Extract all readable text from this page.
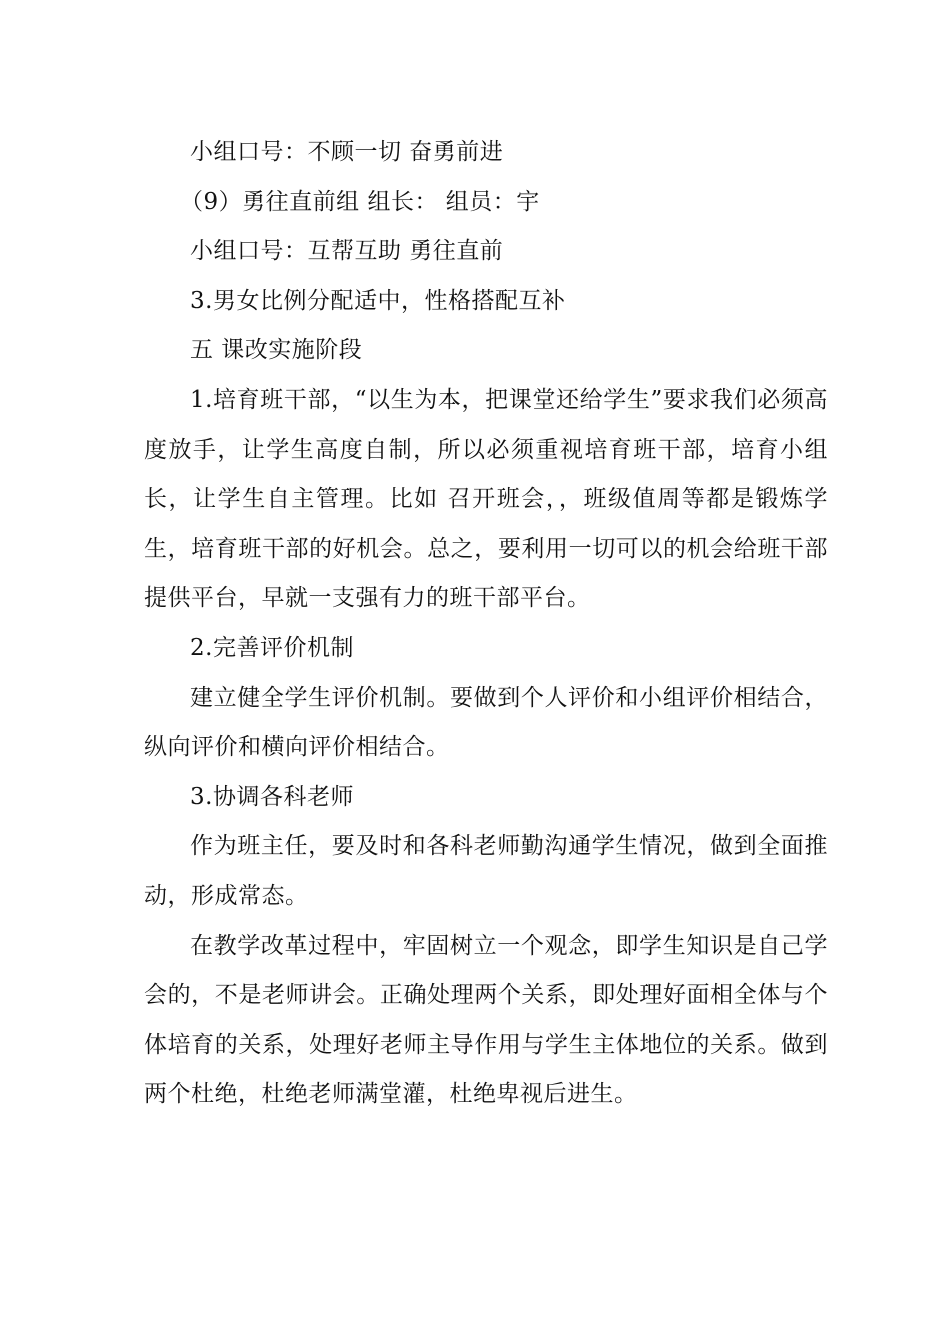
小组口号：不顾一切 奋勇前进

（9）勇往直前组 组长： 组员：宇

小组口号：互帮互助 勇往直前

3.男女比例分配适中，性格搭配互补

五 课改实施阶段

1.培育班干部，“以生为本，把课堂还给学生”要求我们必须高度放手，让学生高度自制，所以必须重视培育班干部，培育小组长，让学生自主管理。比如 召开班会，，班级值周等都是锻炼学生，培育班干部的好机会。总之，要利用一切可以的机会给班干部提供平台，早就一支强有力的班干部平台。

2.完善评价机制

建立健全学生评价机制。要做到个人评价和小组评价相结合，纵向评价和横向评价相结合。

3.协调各科老师

作为班主任，要及时和各科老师勤沟通学生情况，做到全面推动，形成常态。

在教学改革过程中，牢固树立一个观念，即学生知识是自己学会的，不是老师讲会。正确处理两个关系，即处理好面相全体与个体培育的关系，处理好老师主导作用与学生主体地位的关系。做到两个杜绝，杜绝老师满堂灌，杜绝卑视后进生。
